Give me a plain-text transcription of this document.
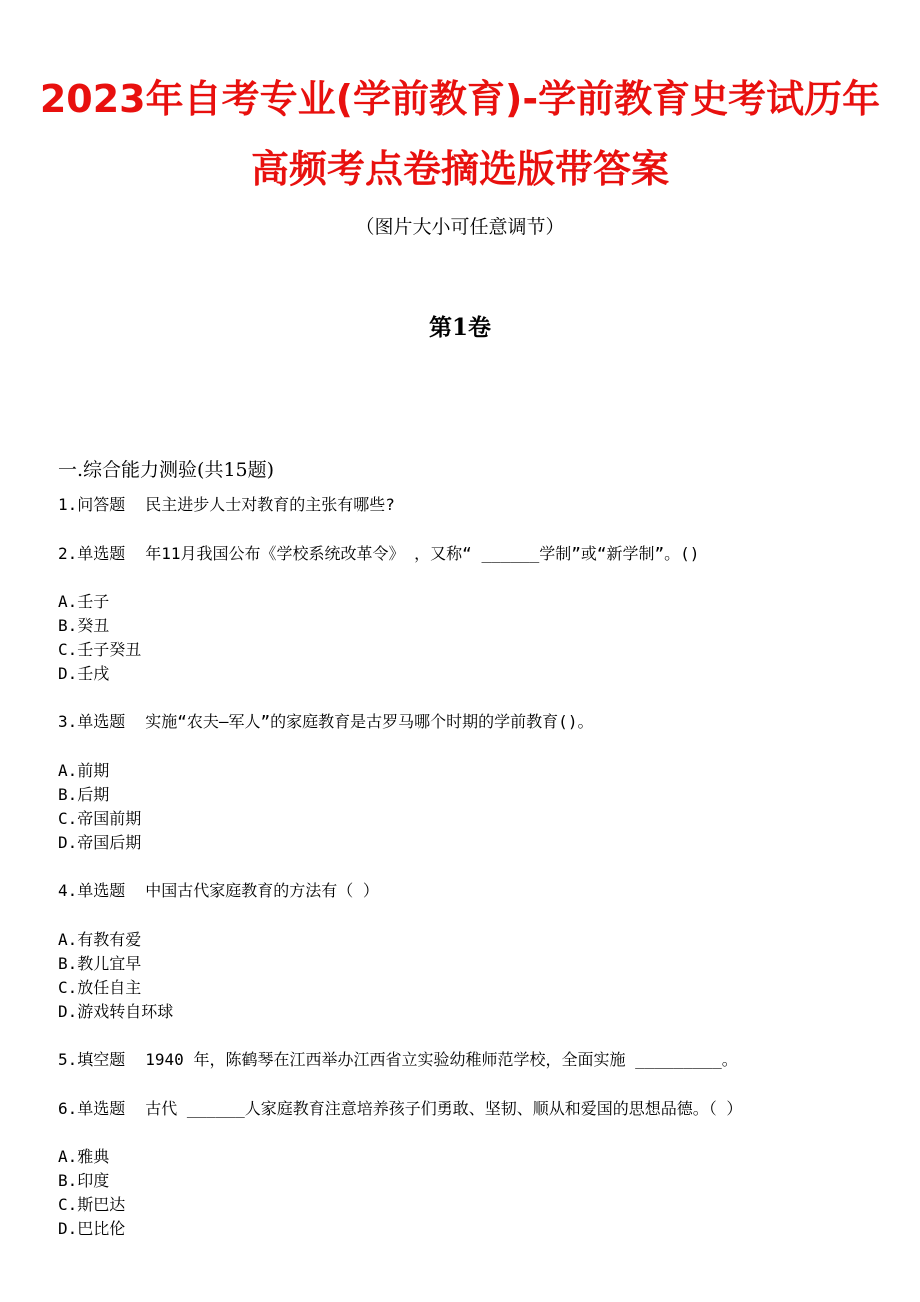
2023年自考专业(学前教育)-学前教育史考试历年
高频考点卷摘选版带答案
（图片大小可任意调节）
第1卷
一.综合能力测验(共15题)
1.问答题 民主进步人士对教育的主张有哪些?
2.单选题 年11月我国公布《学校系统改革令》 ，又称“ ______学制”或“新学制”。()
A.壬子
B.癸丑
C.壬子癸丑
D.壬戌
3.单选题 实施“农夫—军人”的家庭教育是古罗马哪个时期的学前教育()。
A.前期
B.后期
C.帝国前期
D.帝国后期
4.单选题 中国古代家庭教育的方法有（ ）
A.有教有爱
B.教儿宜早
C.放任自主
D.游戏转自环球
5.填空题 1940 年，陈鹤琴在江西举办江西省立实验幼稚师范学校，全面实施 _________。
6.单选题 古代 ______人家庭教育注意培养孩子们勇敢、坚韧、顺从和爱国的思想品德。（ ）
A.雅典
B.印度
C.斯巴达
D.巴比伦
